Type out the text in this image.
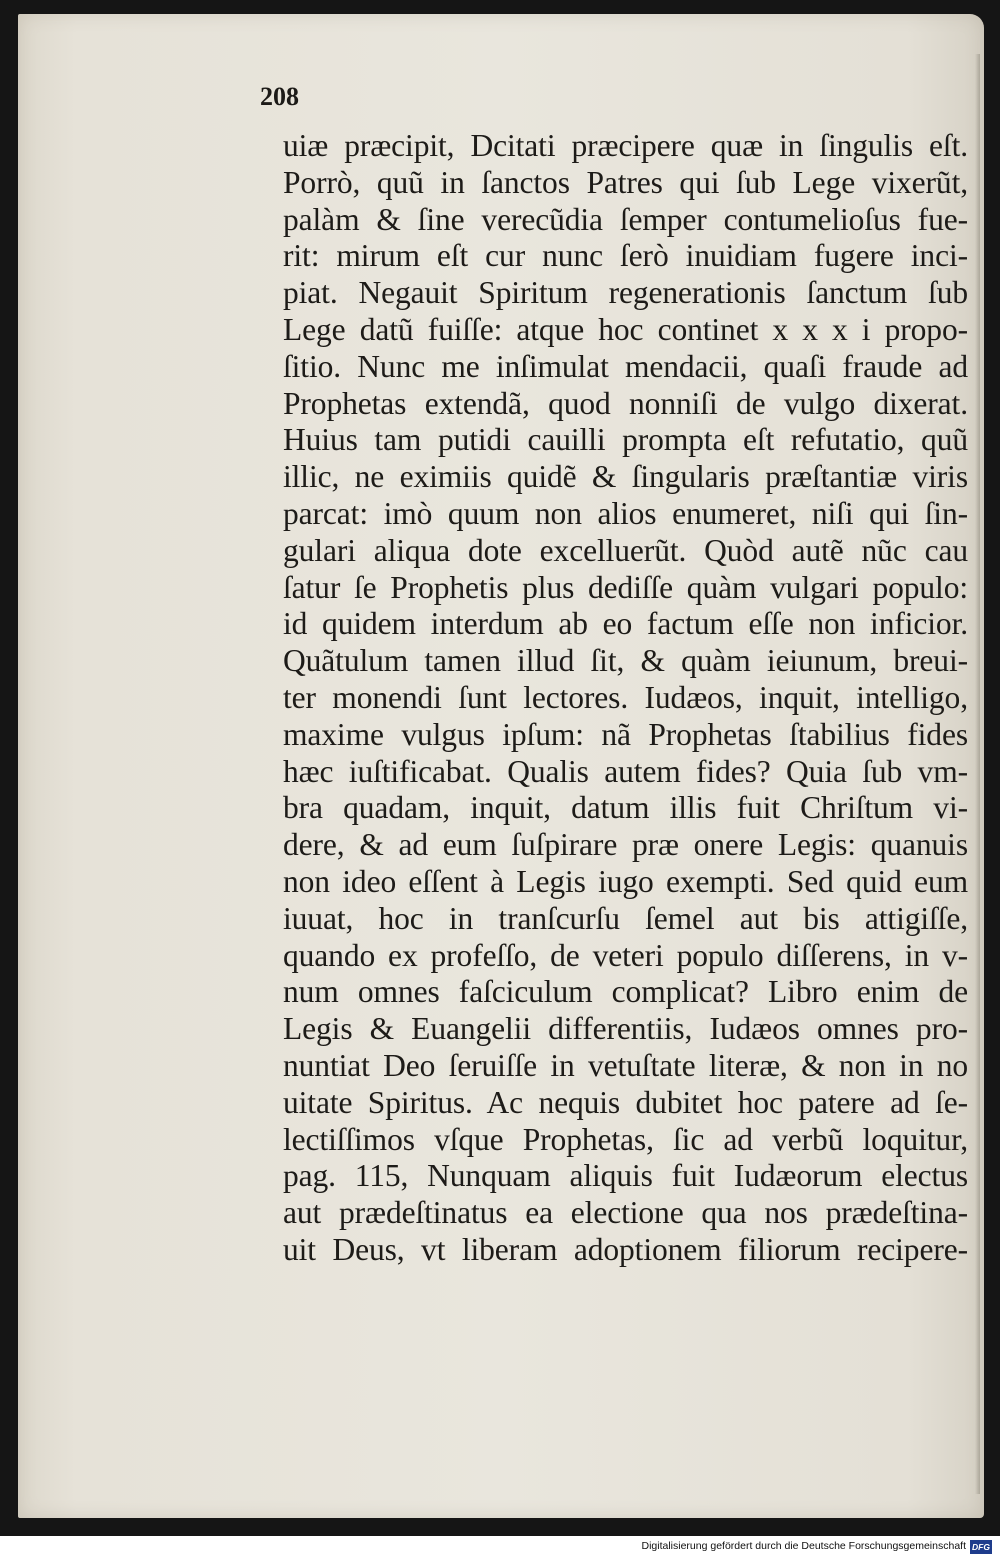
208
uiæ præcipit, Dcitati præcipere quæ in ſingulis eſt.
Porrò, quũ in ſanctos Patres qui ſub Lege vixerũt,
palàm & ſine verecũdia ſemper contumelioſus fue-
rit: mirum eſt cur nunc ſerò inuidiam fugere inci-
piat. Negauit Spiritum regenerationis ſanctum ſub
Lege datũ fuiſſe: atque hoc continet x x x i propo-
ſitio. Nunc me inſimulat mendacii, quaſi fraude ad
Prophetas extendã, quod nonniſi de vulgo dixerat.
Huius tam putidi cauilli prompta eſt refutatio, quũ
illic, ne eximiis quidẽ & ſingularis præſtantiæ viris
parcat: imò quum non alios enumeret, niſi qui ſin-
gulari aliqua dote excelluerũt. Quòd autẽ nũc cau
ſatur ſe Prophetis plus dediſſe quàm vulgari populo:
id quidem interdum ab eo factum eſſe non inficior.
Quãtulum tamen illud ſit, & quàm ieiunum, breui-
ter monendi ſunt lectores. Iudæos, inquit, intelligo,
maxime vulgus ipſum: nã Prophetas ſtabilius fides
hæc iuſtificabat. Qualis autem fides? Quia ſub vm-
bra quadam, inquit, datum illis fuit Chriſtum vi-
dere, & ad eum ſuſpirare præ onere Legis: quanuis
non ideo eſſent à Legis iugo exempti. Sed quid eum
iuuat, hoc in tranſcurſu ſemel aut bis attigiſſe,
quando ex profeſſo, de veteri populo diſſerens, in v-
num omnes faſciculum complicat? Libro enim de
Legis & Euangelii differentiis, Iudæos omnes pro-
nuntiat Deo ſeruiſſe in vetuſtate literæ, & non in no
uitate Spiritus. Ac nequis dubitet hoc patere ad ſe-
lectiſſimos vſque Prophetas, ſic ad verbũ loquitur,
pag. 115, Nunquam aliquis fuit Iudæorum electus
aut prædeſtinatus ea electione qua nos prædeſtina-
uit Deus, vt liberam adoptionem filiorum recipere-
Digitalisierung gefördert durch die Deutsche Forschungsgemeinschaft DFG
